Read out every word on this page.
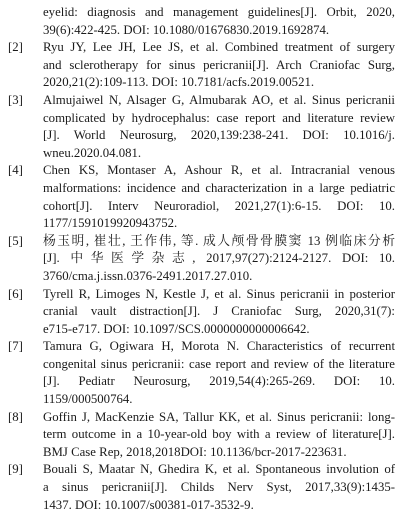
eyelid: diagnosis and management guidelines[J]. Orbit, 2020,
39(6):422-425. DOI: 10.1080/01676830.2019.1692874.
[2] Ryu JY, Lee JH, Lee JS, et al. Combined treatment of surgery
and sclerotherapy for sinus pericranii[J]. Arch Craniofac Surg,
2020,21(2):109-113. DOI: 10.7181/acfs.2019.00521.
[3] Almujaiwel N, Alsager G, Almubarak AO, et al. Sinus pericranii
complicated by hydrocephalus: case report and literature review
[J]. World Neurosurg, 2020,139:238-241. DOI: 10.1016/j.
wneu.2020.04.081.
[4] Chen KS, Montaser A, Ashour R, et al. Intracranial venous
malformations: incidence and characterization in a large pediatric
cohort[J]. Interv Neuroradiol, 2021,27(1):6-15. DOI: 10.
1177/1591019920943752.
[5] 杨玉明, 崔壮, 王作伟, 等. 成人颅骨骨膜窦 13 例临床分析
[J]. 中华医学杂志, 2017,97(27):2124-2127. DOI: 10.
3760/cma.j.issn.0376-2491.2017.27.010.
[6] Tyrell R, Limoges N, Kestle J, et al. Sinus pericranii in posterior
cranial vault distraction[J]. J Craniofac Surg, 2020,31(7):
e715-e717. DOI: 10.1097/SCS.0000000000006642.
[7] Tamura G, Ogiwara H, Morota N. Characteristics of recurrent
congenital sinus pericranii: case report and review of the literature
[J]. Pediatr Neurosurg, 2019,54(4):265-269. DOI: 10.
1159/000500764.
[8] Goffin J, MacKenzie SA, Tallur KK, et al. Sinus pericranii: long-
term outcome in a 10-year-old boy with a review of literature[J].
BMJ Case Rep, 2018,2018DOI: 10.1136/bcr-2017-223631.
[9] Bouali S, Maatar N, Ghedira K, et al. Spontaneous involution of
a sinus pericranii[J]. Childs Nerv Syst, 2017,33(9):1435-
1437. DOI: 10.1007/s00381-017-3532-9.
